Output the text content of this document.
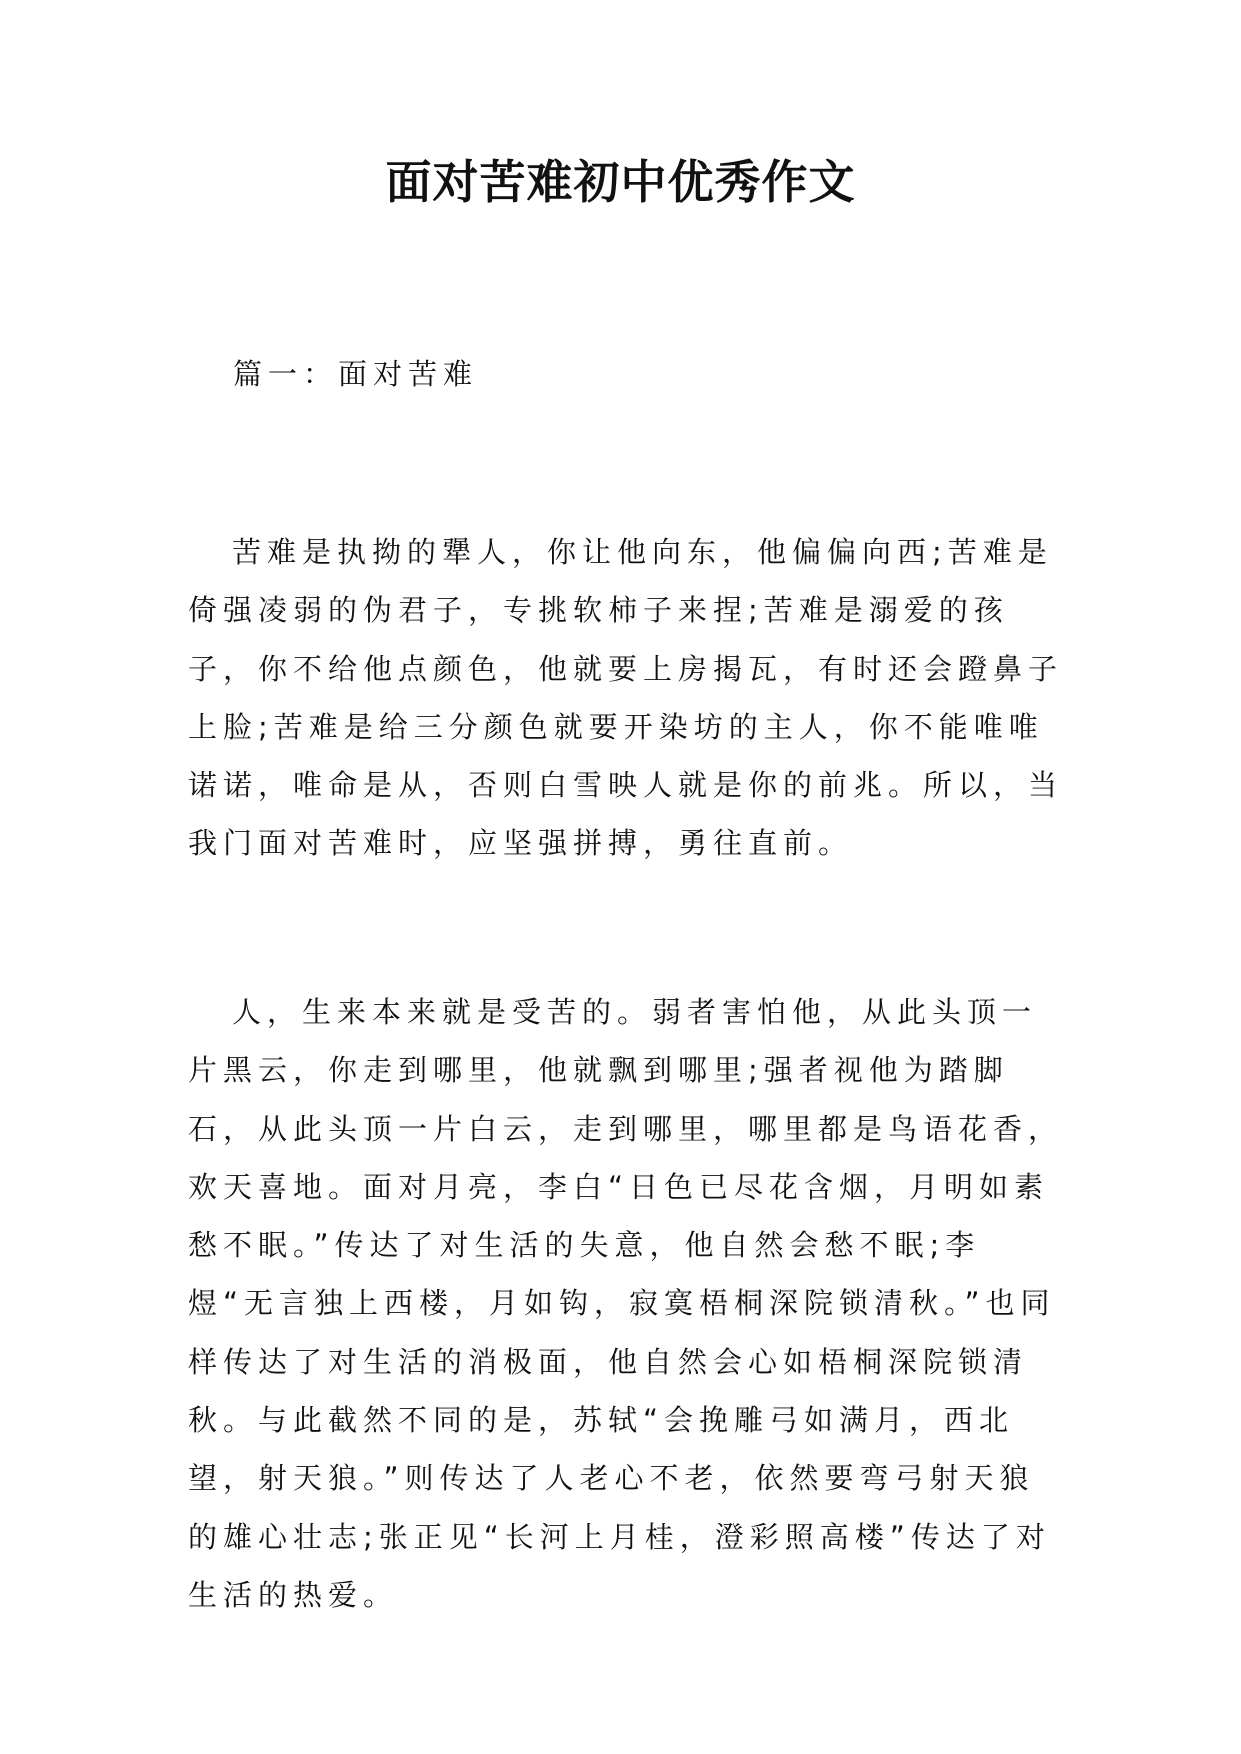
面对苦难初中优秀作文

篇一：面对苦难

苦难是执拗的犟人，你让他向东，他偏偏向西;苦难是倚强凌弱的伪君子，专挑软柿子来捏;苦难是溺爱的孩子，你不给他点颜色，他就要上房揭瓦，有时还会蹬鼻子上脸;苦难是给三分颜色就要开染坊的主人，你不能唯唯诺诺，唯命是从，否则白雪映人就是你的前兆。所以，当我门面对苦难时，应坚强拼搏，勇往直前。

人，生来本来就是受苦的。弱者害怕他，从此头顶一片黑云，你走到哪里，他就飘到哪里;强者视他为踏脚石，从此头顶一片白云，走到哪里，哪里都是鸟语花香，欢天喜地。面对月亮，李白“日色已尽花含烟，月明如素愁不眠。”传达了对生活的失意，他自然会愁不眠;李煜“无言独上西楼，月如钩，寂寞梧桐深院锁清秋。”也同样传达了对生活的消极面，他自然会心如梧桐深院锁清秋。与此截然不同的是，苏轼“会挽雕弓如满月，西北望，射天狼。”则传达了人老心不老，依然要弯弓射天狼的雄心壮志;张正见“长河上月桂，澄彩照高楼”传达了对生活的热爱。
